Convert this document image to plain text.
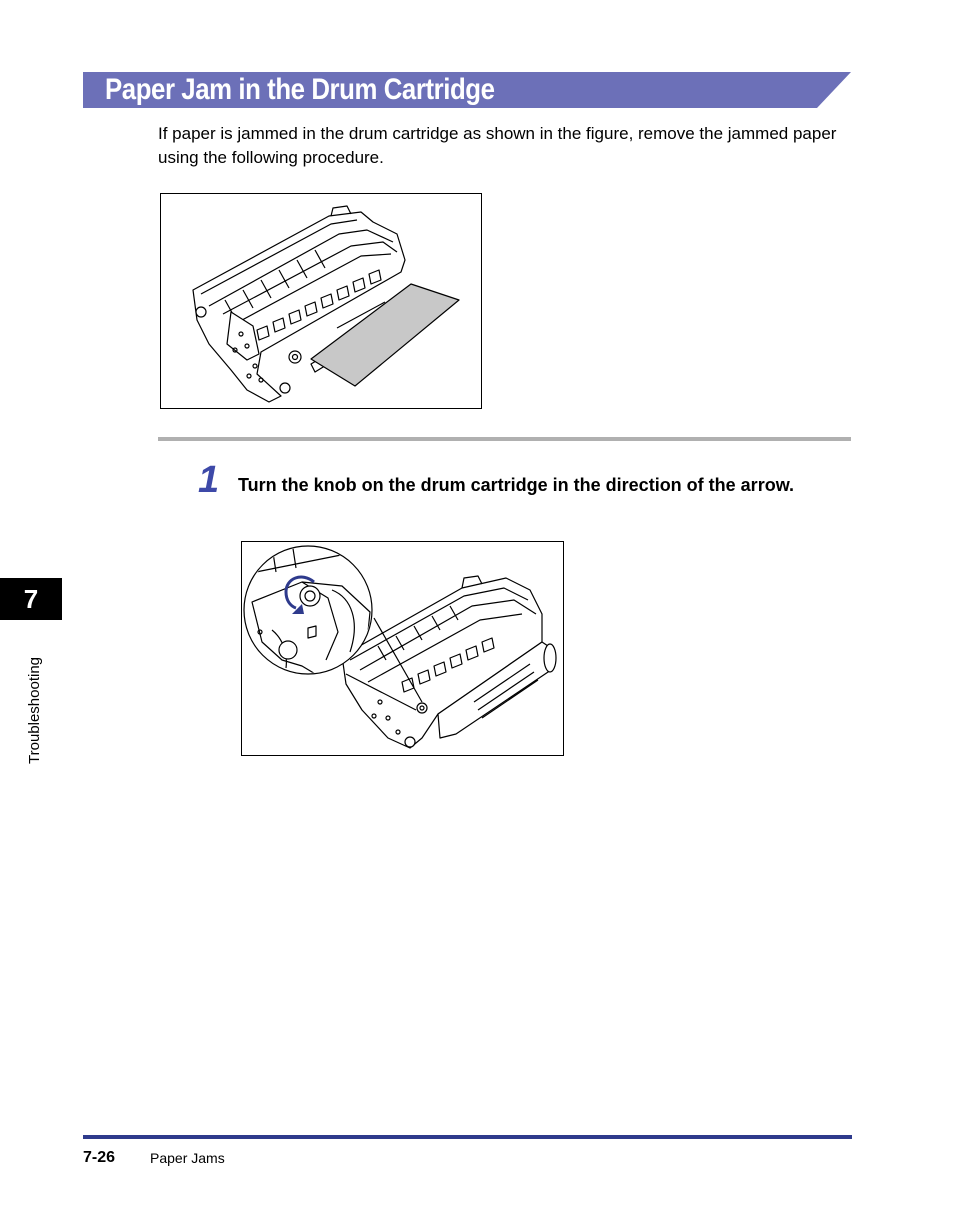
Paper Jam in the Drum Cartridge
If paper is jammed in the drum cartridge as shown in the figure, remove the jammed paper using the following procedure.
1 Turn the knob on the drum cartridge in the direction of the arrow.
7
Troubleshooting
7-26 Paper Jams
